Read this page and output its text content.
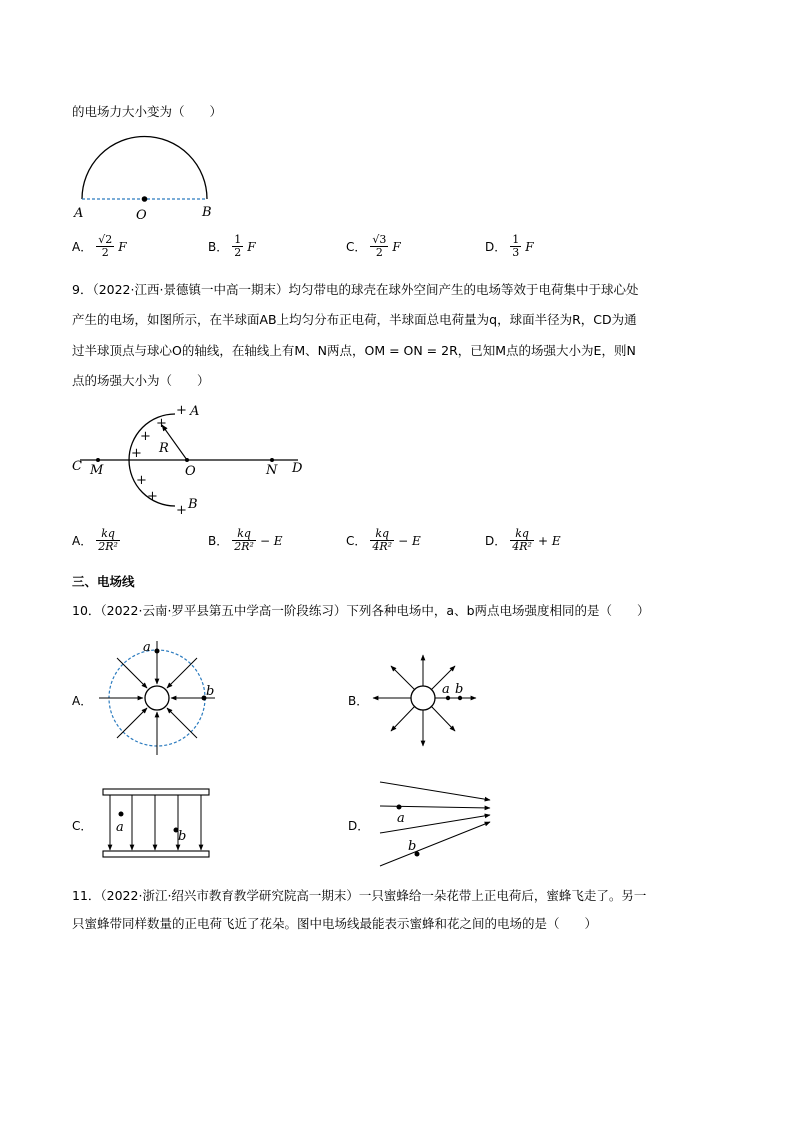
的电场力大小变为（　　）
A	O	B
A． $\frac{√2}{2}$ F	B． $\frac{1}{2}$ F	C． $\frac{√3}{2}$ F	D． $\frac{1}{3}$ F
9．（2022·江西·景德镇一中高一期末）均匀带电的球壳在球外空间产生的电场等效于电荷集中于球心处
产生的电场，如图所示，在半球面AB上均匀分布正电荷，半球面总电荷量为q，球面半径为R，CD为通
过半球顶点与球心O的轴线，在轴线上有M、N两点，OM = ON = 2R，已知M点的场强大小为E，则N
点的场强大小为（　　）
A
B
C	D
M	N
O
R
+
+
+
+
+
+
+
A． $\frac{kq}{\text{2R²}}$	B． $\frac{kq}{\text{2R²}} - E$	C． $\frac{kq}{\text{4R²}} - E$	D． $\frac{kq}{\text{4R²}} + E$
三、电场线
10．（2022·云南·罗平县第五中学高一阶段练习）下列各种电场中，a、b两点电场强度相同的是（　　）
A．
a
b
B．
a b
C． a
b
D． a
b
11．（2022·浙江·绍兴市教育教学研究院高一期末）一只蜜蜂给一朵花带上正电荷后，蜜蜂飞走了。另一
只蜜蜂带同样数量的正电荷飞近了花朵。图中电场线最能表示蜜蜂和花之间的电场的是（　　）
